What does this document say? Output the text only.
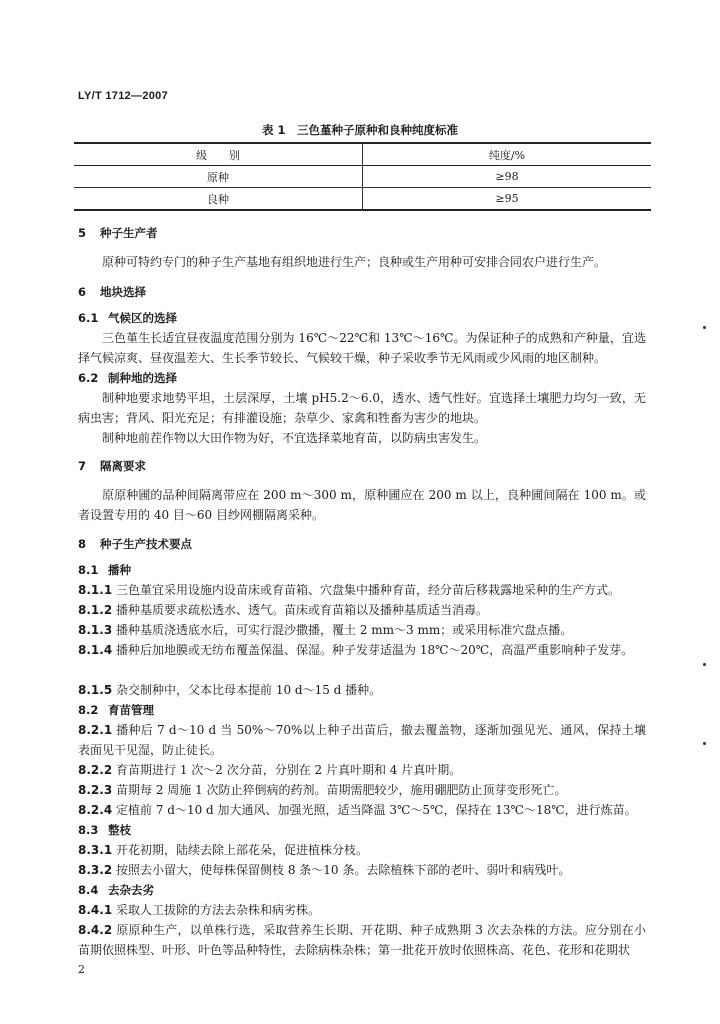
LY/T 1712—2007
表 1　三色堇种子原种和良种纯度标准
级　　别	纯度/%
原种	≥98
良种	≥95
5 种子生产者
原种可特约专门的种子生产基地有组织地进行生产；良种或生产用种可安排合同农户进行生产。
6 地块选择
6.1 气候区的选择
三色堇生长适宜昼夜温度范围分别为 16℃～22℃和 13℃～16℃。为保证种子的成熟和产种量，宜选择气候凉爽、昼夜温差大、生长季节较长、气候较干燥，种子采收季节无风雨或少风雨的地区制种。
6.2 制种地的选择
制种地要求地势平坦，土层深厚，土壤 pH5.2～6.0，透水、透气性好。宜选择土壤肥力均匀一致，无病虫害；背风、阳光充足；有排灌设施；杂草少、家禽和牲畜为害少的地块。
制种地前茬作物以大田作物为好，不宜选择菜地育苗，以防病虫害发生。
7 隔离要求
原原种圃的品种间隔离带应在 200 m～300 m，原种圃应在 200 m 以上，良种圃间隔在 100 m。或者设置专用的 40 目～60 目纱网棚隔离采种。
8 种子生产技术要点
8.1 播种
8.1.1 三色堇宜采用设施内设苗床或育苗箱、穴盘集中播种育苗，经分苗后移栽露地采种的生产方式。
8.1.2 播种基质要求疏松透水、透气。苗床或育苗箱以及播种基质适当消毒。
8.1.3 播种基质浇透底水后，可实行混沙撒播，覆土 2 mm～3 mm；或采用标准穴盘点播。
8.1.4 播种后加地膜或无纺布覆盖保温、保湿。种子发芽适温为 18℃～20℃，高温严重影响种子发芽。
8.1.5 杂交制种中，父本比母本提前 10 d～15 d 播种。
8.2 育苗管理
8.2.1 播种后 7 d～10 d 当 50%～70%以上种子出苗后，撤去覆盖物，逐渐加强见光、通风，保持土壤表面见干见湿，防止徒长。
8.2.2 育苗期进行 1 次～2 次分苗，分别在 2 片真叶期和 4 片真叶期。
8.2.3 苗期每 2 周施 1 次防止猝倒病的药剂。苗期需肥较少，施用硼肥防止顶芽变形死亡。
8.2.4 定植前 7 d～10 d 加大通风、加强光照，适当降温 3℃～5℃，保持在 13℃～18℃，进行炼苗。
8.3 整枝
8.3.1 开花初期，陆续去除上部花朵，促进植株分枝。
8.3.2 按照去小留大，使每株保留侧枝 8 条～10 条。去除植株下部的老叶、弱叶和病残叶。
8.4 去杂去劣
8.4.1 采取人工拔除的方法去杂株和病劣株。
8.4.2 原原种生产，以单株行选，采取营养生长期、开花期、种子成熟期 3 次去杂株的方法。应分别在小苗期依照株型、叶形、叶色等品种特性，去除病株杂株；第一批花开放时依照株高、花色、花形和花期状
2
